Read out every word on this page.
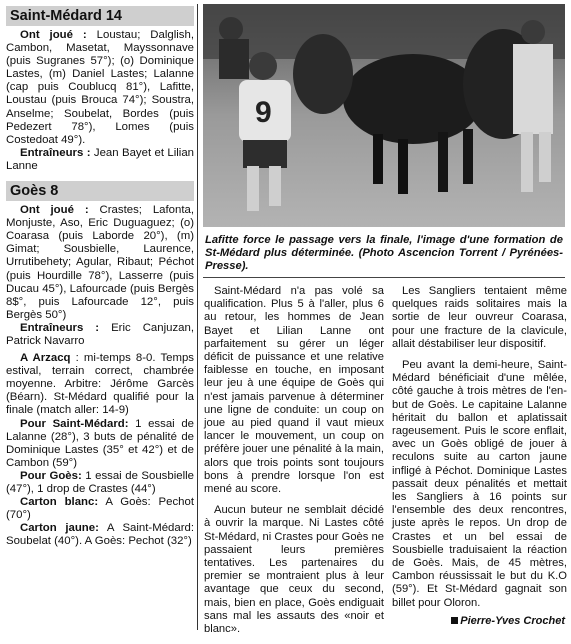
Saint-Médard 14

Ont joué : Loustau; Dalglish, Cambon, Masetat, Mayssonnave (puis Sugranes 57°); (o) Dominique Lastes, (m) Daniel Lastes; Lalanne (cap puis Coublucq 81°), Lafitte, Loustau (puis Brouca 74°); Soustra, Anselme; Soubelat, Bordes (puis Pedezert 78°), Lomes (puis Costedoat 49°).

Entraîneurs : Jean Bayet et Lilian Lanne

Goès 8

Ont joué : Crastes; Lafonta, Monjuste, Aso, Eric Duguaguez; (o) Coarasa (puis Laborde 20°), (m) Gimat; Sousbielle, Laurence, Urrutibehety; Agular, Ribaut; Péchot (puis Hourdille 78°), Lasserre (puis Ducau 45°), Lafourcade (puis Bergès 8$°, puis Lafourcade 12°, puis Bergès 50°)

Entraîneurs : Eric Canjuzan, Patrick Navarro

A Arzacq : mi-temps 8-0. Temps estival, terrain correct, chambrée moyenne. Arbitre: Jérôme Garcès (Béarn). St-Médard qualifié pour la finale (match aller: 14-9)

Pour Saint-Médard: 1 essai de Lalanne (28°), 3 buts de pénalité de Dominique Lastes (35° et 42°) et de Cambon (59°)

Pour Goès: 1 essai de Sousbielle (47°), 1 drop de Crastes (44°)

Carton blanc: A Goès: Pechot (70°)

Carton jaune: A Saint-Médard: Soubelat (40°). A Goès: Pechot (32°)

9

Lafitte force le passage vers la finale, l'image d'une formation de St-Médard plus déterminée. (Photo Ascencion Torrent / Pyrénées-Presse).

Saint-Médard n'a pas volé sa qualification. Plus 5 à l'aller, plus 6 au retour, les hommes de Jean Bayet et Lilian Lanne ont parfaitement su gérer un léger déficit de puissance et une relative faiblesse en touche, en imposant leur jeu à une équipe de Goès qui n'est jamais parvenue à déterminer une ligne de conduite: un coup on joue au pied quand il vaut mieux lancer le mouvement, un coup on préfère jouer une pénalité à la main, alors que trois points sont toujours bons à prendre lorsque l'on est mené au score.

Aucun buteur ne semblait décidé à ouvrir la marque. Ni Lastes côté St-Médard, ni Crastes pour Goès ne passaient leurs premières tentatives. Les partenaires du premier se montraient plus à leur avantage que ceux du second, mais, bien en place, Goès endiguait sans mal les assauts des «noir et blanc».

Les Sangliers tentaient même quelques raids solitaires mais la sortie de leur ouvreur Coarasa, pour une fracture de la clavicule, allait déstabiliser leur dispositif.

Peu avant la demi-heure, Saint-Médard bénéficiait d'une mêlée, côté gauche à trois mètres de l'en-but de Goès. Le capitaine Lalanne héritait du ballon et aplatissait rageusement. Puis le score enflait, avec un Goès obligé de jouer à reculons suite au carton jaune infligé à Péchot. Dominique Lastes passait deux pénalités et mettait les Sangliers à 16 points sur l'ensemble des deux rencontres, juste après le repos. Un drop de Crastes et un bel essai de Sousbielle traduisaient la réaction de Goès. Mais, de 45 mètres, Cambon réussissait le but du K.O (59°). Et St-Médard gagnait son billet pour Oloron.

Pierre-Yves Crochet
